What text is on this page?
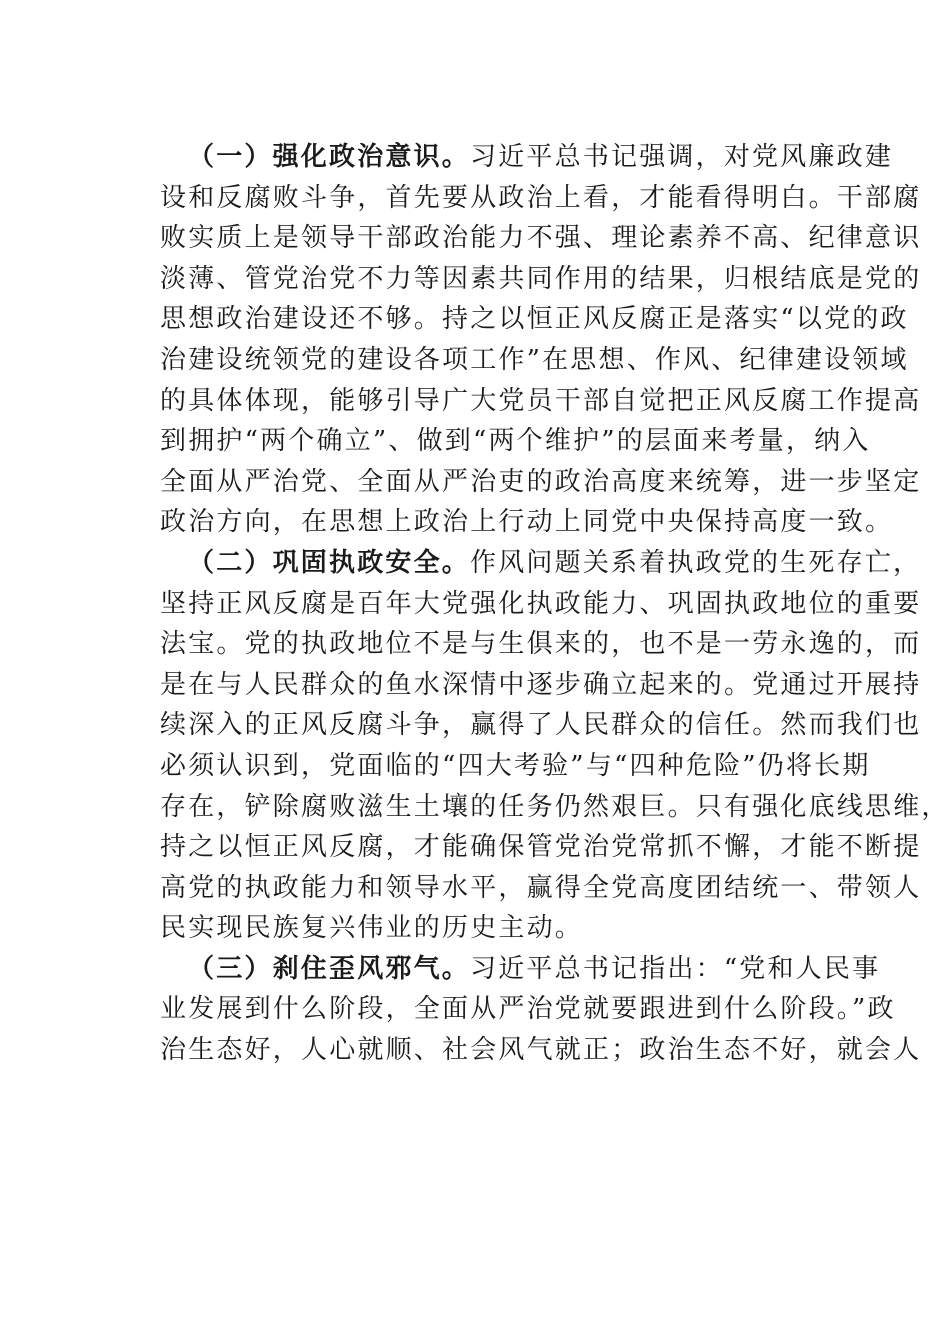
（一）强化政治意识。习近平总书记强调，对党风廉政建
设和反腐败斗争，首先要从政治上看，才能看得明白。干部腐
败实质上是领导干部政治能力不强、理论素养不高、纪律意识
淡薄、管党治党不力等因素共同作用的结果，归根结底是党的
思想政治建设还不够。持之以恒正风反腐正是落实“以党的政
治建设统领党的建设各项工作”在思想、作风、纪律建设领域
的具体体现，能够引导广大党员干部自觉把正风反腐工作提高
到拥护“两个确立”、做到“两个维护”的层面来考量，纳入
全面从严治党、全面从严治吏的政治高度来统筹，进一步坚定
政治方向，在思想上政治上行动上同党中央保持高度一致。

（二）巩固执政安全。作风问题关系着执政党的生死存亡，
坚持正风反腐是百年大党强化执政能力、巩固执政地位的重要
法宝。党的执政地位不是与生俱来的，也不是一劳永逸的，而
是在与人民群众的鱼水深情中逐步确立起来的。党通过开展持
续深入的正风反腐斗争，赢得了人民群众的信任。然而我们也
必须认识到，党面临的“四大考验”与“四种危险”仍将长期
存在，铲除腐败滋生土壤的任务仍然艰巨。只有强化底线思维，
持之以恒正风反腐，才能确保管党治党常抓不懈，才能不断提
高党的执政能力和领导水平，赢得全党高度团结统一、带领人
民实现民族复兴伟业的历史主动。

（三）刹住歪风邪气。习近平总书记指出：“党和人民事
业发展到什么阶段，全面从严治党就要跟进到什么阶段。”政
治生态好，人心就顺、社会风气就正；政治生态不好，就会人
